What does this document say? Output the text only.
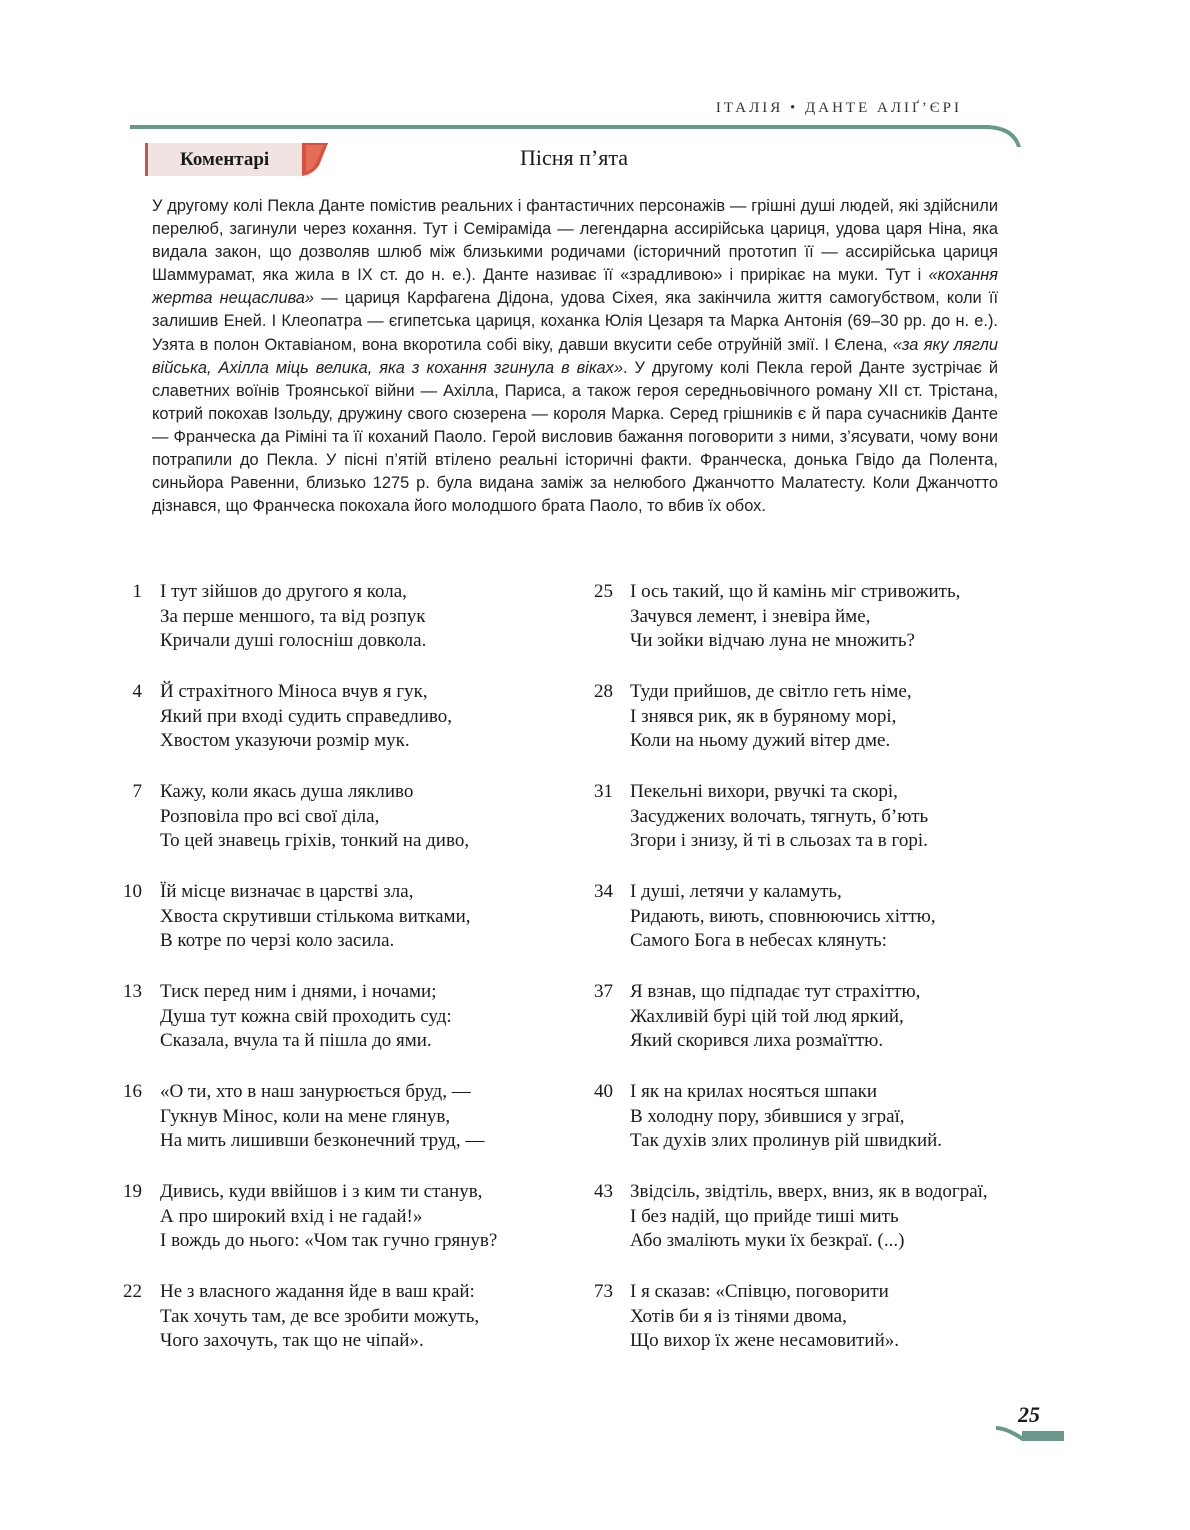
ІТАЛІЯ • ДАНТЕ АЛІҐ’ЄРІ
Коментарі	Пісня п’ята
У другому колі Пекла Данте помістив реальних і фантастичних персонажів — грішні душі людей, які здійснили перелюб, загинули через кохання. Тут і Семіраміда — легендарна ассирійська цариця, удова царя Ніна, яка видала закон, що дозволяв шлюб між близькими родичами (історичний прототип її — ассирійська цариця Шаммурамат, яка жила в IX ст. до н. е.). Данте називає її «зрадливою» і прирікає на муки. Тут і «кохання жертва нещаслива» — цариця Карфагена Дідона, удова Сіхея, яка закінчила життя самогубством, коли її залишив Еней. І Клеопатра — єгипетська цариця, коханка Юлія Цезаря та Марка Антонія (69–30 рр. до н. е.). Узята в полон Октавіаном, вона вкоротила собі віку, давши вкусити себе отруйній змії. І Єлена, «за яку лягли війська, Ахілла міць велика, яка з кохання згинула в віках». У другому колі Пекла герой Данте зустрічає й славетних воїнів Троянської війни — Ахілла, Париса, а також героя середньовічного роману XII ст. Трістана, котрий покохав Ізольду, дружину свого сюзерена — короля Марка. Серед грішників є й пара сучасників Данте — Франческа да Ріміні та її коханий Паоло. Герой висловив бажання поговорити з ними, з’ясувати, чому вони потрапили до Пекла. У пісні п’ятій втілено реальні історичні факти. Франческа, донька Гвідо да Полента, синьйора Равенни, близько 1275 р. була видана заміж за нелюбого Джанчотто Малатесту. Коли Джанчотто дізнався, що Франческа покохала його молодшого брата Паоло, то вбив їх обох.
1 І тут зійшов до другого я кола,
За перше меншого, та від розпук
Кричали душі голосніш довкола.
4 Й страхітного Міноса вчув я гук,
Який при вході судить справедливо,
Хвостом указуючи розмір мук.
7 Кажу, коли якась душа лякливо
Розповіла про всі свої діла,
То цей знавець гріхів, тонкий на диво,
10 Їй місце визначає в царстві зла,
Хвоста скрутивши стількома витками,
В котре по черзі коло засила.
13 Тиск перед ним і днями, і ночами;
Душа тут кожна свій проходить суд:
Сказала, вчула та й пішла до ями.
16 «О ти, хто в наш занурюється бруд, —
Гукнув Мінос, коли на мене глянув,
На мить лишивши безконечний труд, —
19 Дивись, куди ввійшов і з ким ти станув,
А про широкий вхід і не гадай!»
І вождь до нього: «Чом так гучно грянув?
22 Не з власного жадання йде в ваш край:
Так хочуть там, де все зробити можуть,
Чого захочуть, так що не чіпай».
25 І ось такий, що й камінь міг стривожить,
Зачувся лемент, і зневіра йме,
Чи зойки відчаю луна не множить?
28 Туди прийшов, де світло геть німе,
І знявся рик, як в буряному морі,
Коли на ньому дужий вітер дме.
31 Пекельні вихори, рвучкі та скорі,
Засуджених волочать, тягнуть, б’ють
Згори і знизу, й ті в сльозах та в горі.
34 І душі, летячи у каламуть,
Ридають, виють, сповнюючись хіттю,
Самого Бога в небесах клянуть:
37 Я взнав, що підпадає тут страхіттю,
Жахливій бурі цій той люд яркий,
Який скорився лиха розмаїттю.
40 І як на крилах носяться шпаки
В холодну пору, збившися у зграї,
Так духів злих пролинув рій швидкий.
43 Звідсіль, звідтіль, вверх, вниз, як в водограї,
І без надій, що прийде тиші мить
Або змаліють муки їх безкраї. (...)
73 І я сказав: «Співцю, поговорити
Хотів би я із тінями двома,
Що вихор їх жене несамовитий».
25
